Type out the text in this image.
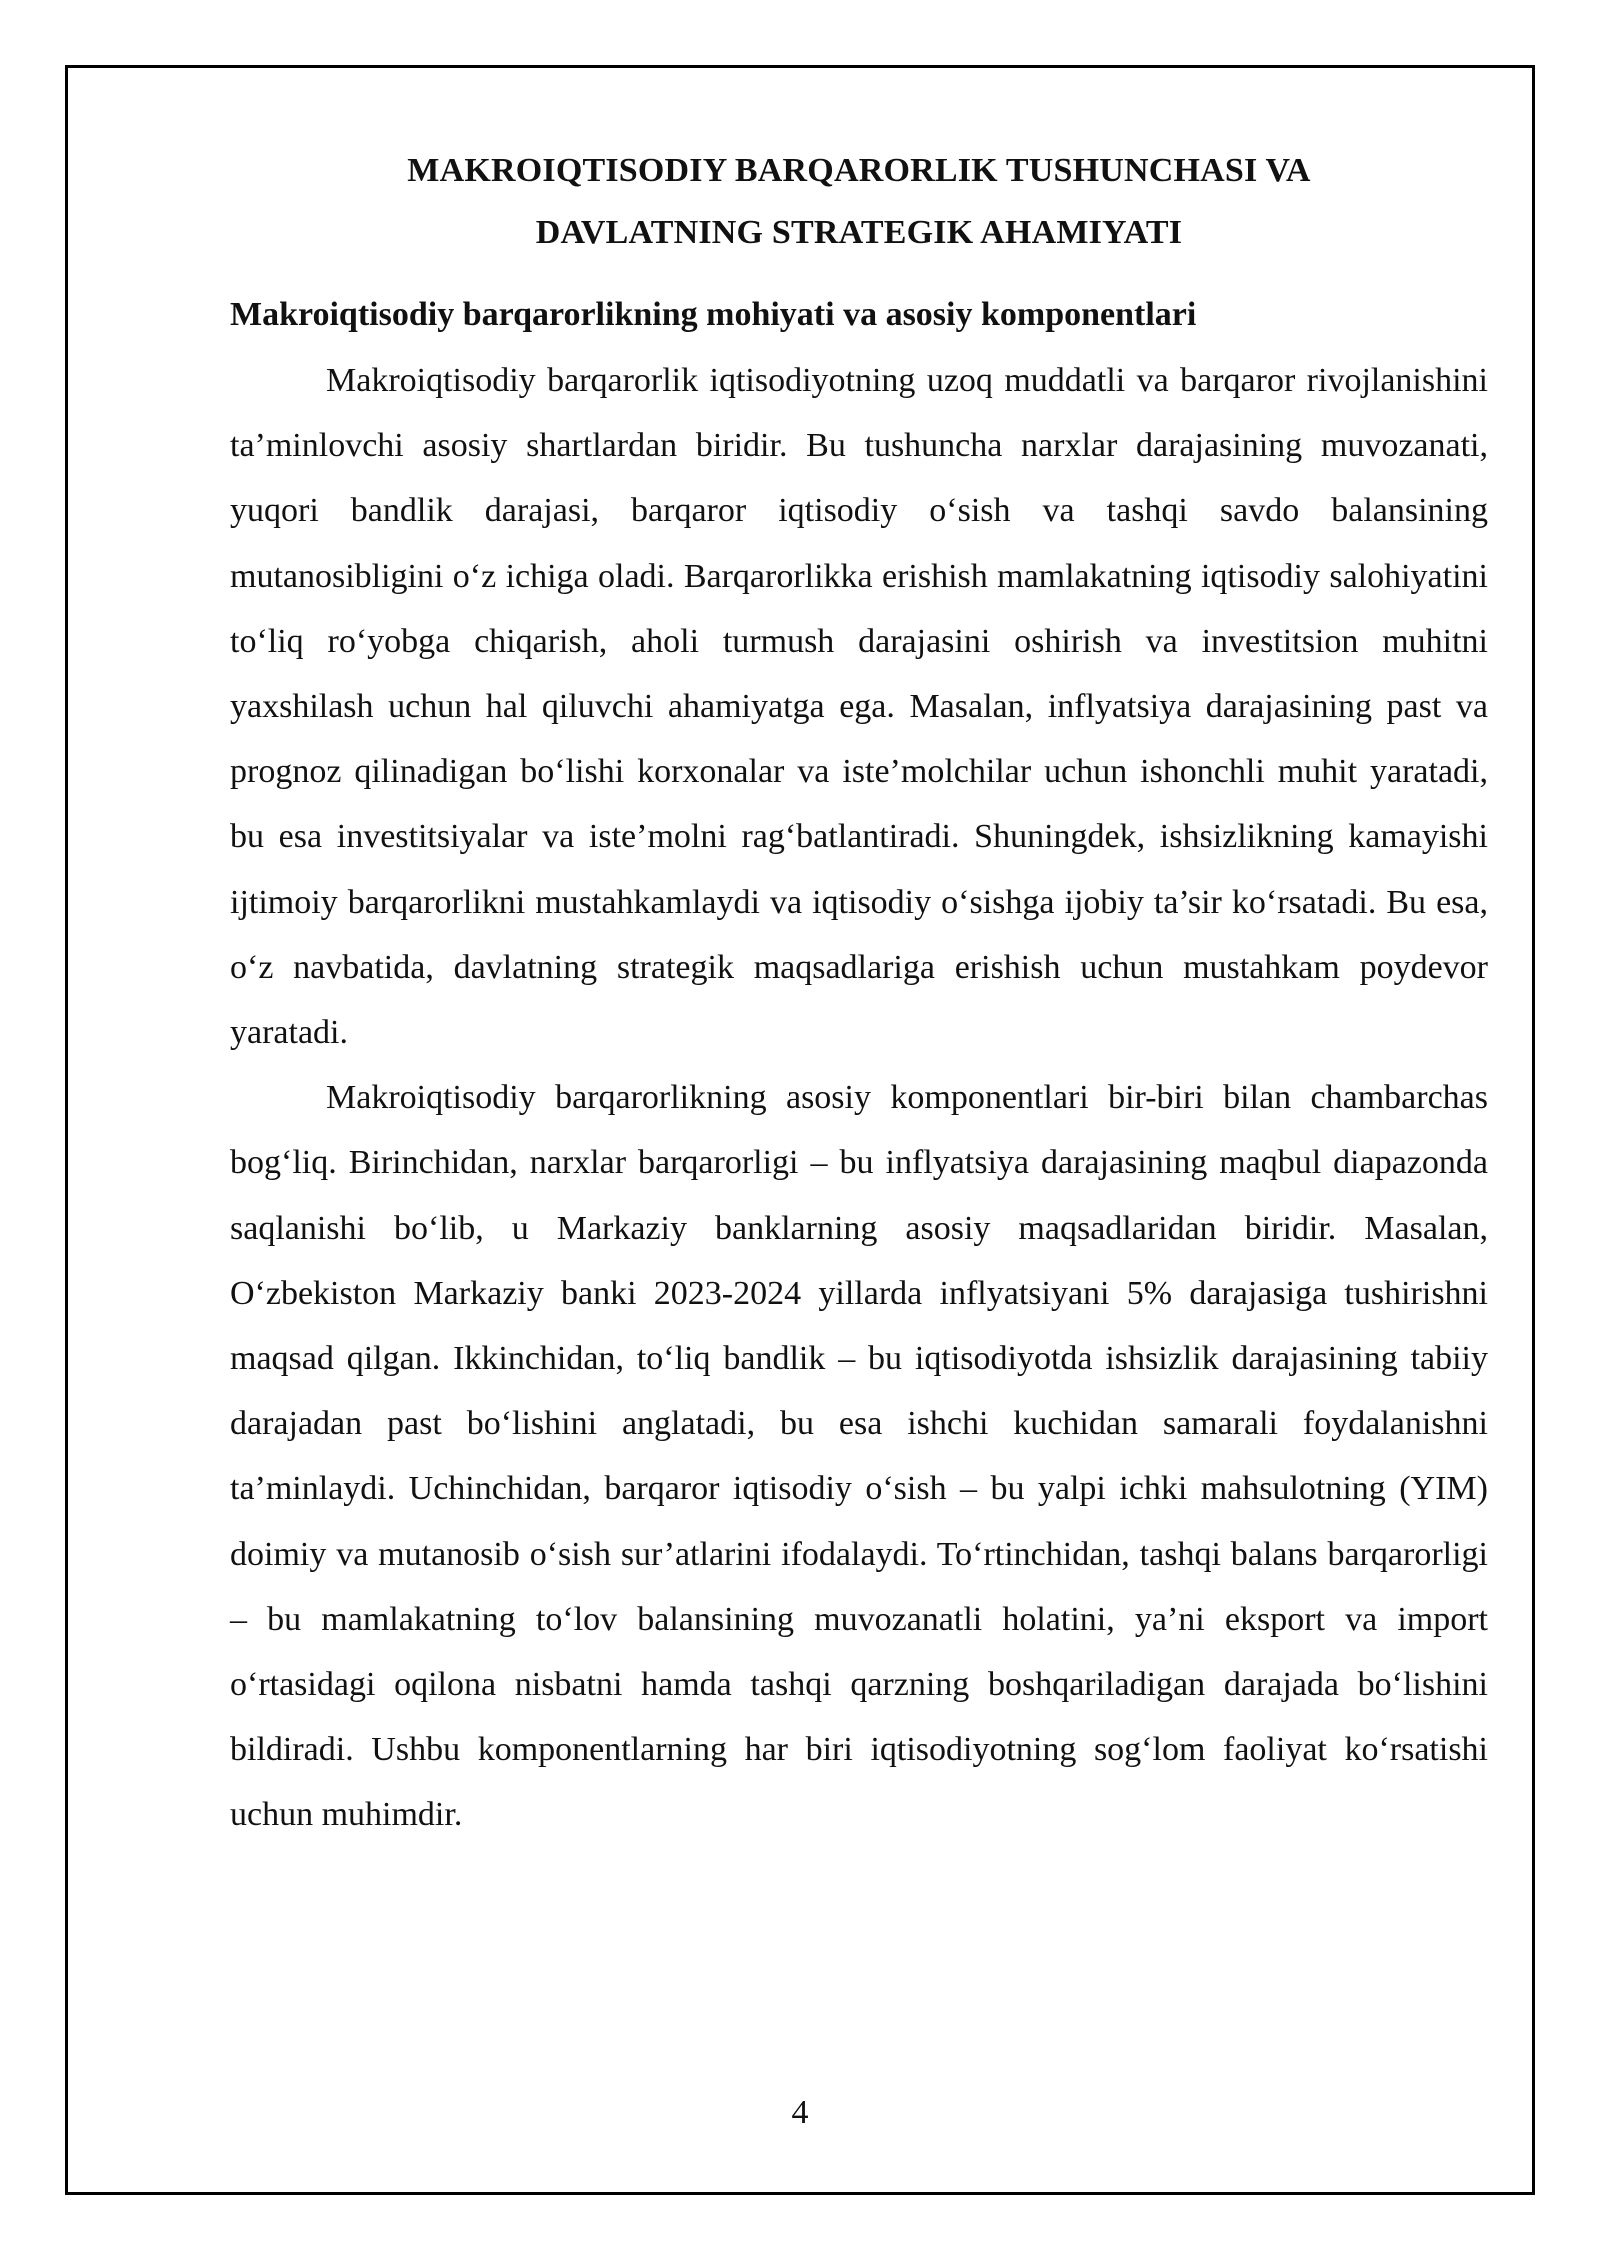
MAKROIQTISODIY BARQARORLIK TUSHUNCHASI VA
DAVLATNING STRATEGIK AHAMIYATI
Makroiqtisodiy barqarorlikning mohiyati va asosiy komponentlari

Makroiqtisodiy barqarorlik iqtisodiyotning uzoq muddatli va barqaror rivojlanishini ta’minlovchi asosiy shartlardan biridir. Bu tushuncha narxlar darajasining muvozanati, yuqori bandlik darajasi, barqaror iqtisodiy o‘sish va tashqi savdo balansining mutanosibligini o‘z ichiga oladi. Barqarorlikka erishish mamlakatning iqtisodiy salohiyatini to‘liq ro‘yobga chiqarish, aholi turmush darajasini oshirish va investitsion muhitni yaxshilash uchun hal qiluvchi ahamiyatga ega. Masalan, inflyatsiya darajasining past va prognoz qilinadigan bo‘lishi korxonalar va iste’molchilar uchun ishonchli muhit yaratadi, bu esa investitsiyalar va iste’molni rag‘batlantiradi. Shuningdek, ishsizlikning kamayishi ijtimoiy barqarorlikni mustahkamlaydi va iqtisodiy o‘sishga ijobiy ta’sir ko‘rsatadi. Bu esa, o‘z navbatida, davlatning strategik maqsadlariga erishish uchun mustahkam poydevor yaratadi.

Makroiqtisodiy barqarorlikning asosiy komponentlari bir-biri bilan chambarchas bog‘liq. Birinchidan, narxlar barqarorligi – bu inflyatsiya darajasining maqbul diapazonda saqlanishi bo‘lib, u Markaziy banklarning asosiy maqsadlaridan biridir. Masalan, O‘zbekiston Markaziy banki 2023-2024 yillarda inflyatsiyani 5% darajasiga tushirishni maqsad qilgan. Ikkinchidan, to‘liq bandlik – bu iqtisodiyotda ishsizlik darajasining tabiiy darajadan past bo‘lishini anglatadi, bu esa ishchi kuchidan samarali foydalanishni ta’minlaydi. Uchinchidan, barqaror iqtisodiy o‘sish – bu yalpi ichki mahsulotning (YIM) doimiy va mutanosib o‘sish sur’atlarini ifodalaydi. To‘rtinchidan, tashqi balans barqarorligi – bu mamlakatning to‘lov balansining muvozanatli holatini, ya’ni eksport va import o‘rtasidagi oqilona nisbatni hamda tashqi qarzning boshqariladigan darajada bo‘lishini bildiradi. Ushbu komponentlarning har biri iqtisodiyotning sog‘lom faoliyat ko‘rsatishi uchun muhimdir.

4
